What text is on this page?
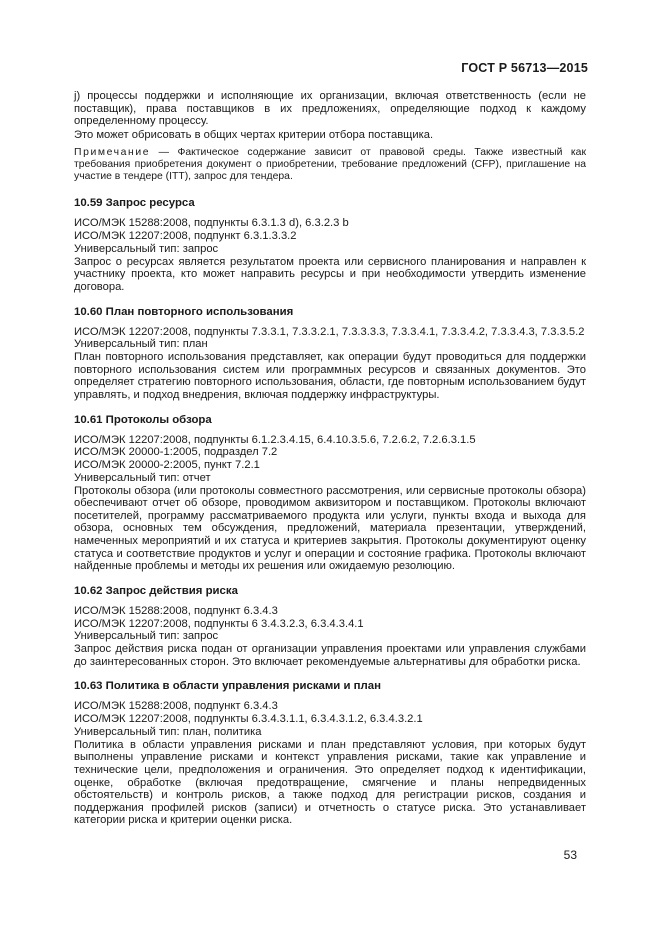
ГОСТ Р 56713—2015

j) процессы поддержки и исполняющие их организации, включая ответственность (если не поставщик), права поставщиков в их предложениях, определяющие подход к каждому определенному процессу.

Это может обрисовать в общих чертах критерии отбора поставщика.

Примечание — Фактическое содержание зависит от правовой среды. Также известный как требования приобретения документ о приобретении, требование предложений (CFP), приглашение на участие в тендере (ITT), запрос для тендера.

10.59 Запрос ресурса

ИСО/МЭК 15288:2008, подпункты 6.3.1.3 d), 6.3.2.3 b

ИСО/МЭК 12207:2008, подпункт 6.3.1.3.3.2

Универсальный тип: запрос

Запрос о ресурсах является результатом проекта или сервисного планирования и направлен к участнику проекта, кто может направить ресурсы и при необходимости утвердить изменение договора.

10.60 План повторного использования

ИСО/МЭК 12207:2008, подпункты 7.3.3.1, 7.3.3.2.1, 7.3.3.3.3, 7.3.3.4.1, 7.3.3.4.2, 7.3.3.4.3, 7.3.3.5.2

Универсальный тип: план

План повторного использования представляет, как операции будут проводиться для поддержки повторного использования систем или программных ресурсов и связанных документов. Это определяет стратегию повторного использования, области, где повторным использованием будут управлять, и подход внедрения, включая поддержку инфраструктуры.

10.61 Протоколы обзора

ИСО/МЭК 12207:2008, подпункты 6.1.2.3.4.15, 6.4.10.3.5.6, 7.2.6.2, 7.2.6.3.1.5

ИСО/МЭК 20000-1:2005, подраздел 7.2

ИСО/МЭК 20000-2:2005, пункт 7.2.1

Универсальный тип: отчет

Протоколы обзора (или протоколы совместного рассмотрения, или сервисные протоколы обзора) обеспечивают отчет об обзоре, проводимом аквизитором и поставщиком. Протоколы включают посетителей, программу рассматриваемого продукта или услуги, пункты входа и выхода для обзора, основных тем обсуждения, предложений, материала презентации, утверждений, намеченных мероприятий и их статуса и критериев закрытия. Протоколы документируют оценку статуса и соответствие продуктов и услуг и операции и состояние графика. Протоколы включают найденные проблемы и методы их решения или ожидаемую резолюцию.

10.62 Запрос действия риска

ИСО/МЭК 15288:2008, подпункт 6.3.4.3

ИСО/МЭК 12207:2008, подпункты 6 3.4.3.2.3, 6.3.4.3.4.1

Универсальный тип: запрос

Запрос действия риска подан от организации управления проектами или управления службами до заинтересованных сторон. Это включает рекомендуемые альтернативы для обработки риска.

10.63 Политика в области управления рисками и план

ИСО/МЭК 15288:2008, подпункт 6.3.4.3

ИСО/МЭК 12207:2008, подпункты 6.3.4.3.1.1, 6.3.4.3.1.2, 6.3.4.3.2.1

Универсальный тип: план, политика

Политика в области управления рисками и план представляют условия, при которых будут выполнены управление рисками и контекст управления рисками, такие как управление и технические цели, предположения и ограничения. Это определяет подход к идентификации, оценке, обработке (включая предотвращение, смягчение и планы непредвиденных обстоятельств) и контроль рисков, а также подход для регистрации рисков, создания и поддержания профилей рисков (записи) и отчетность о статусе риска. Это устанавливает категории риска и критерии оценки риска.

53
